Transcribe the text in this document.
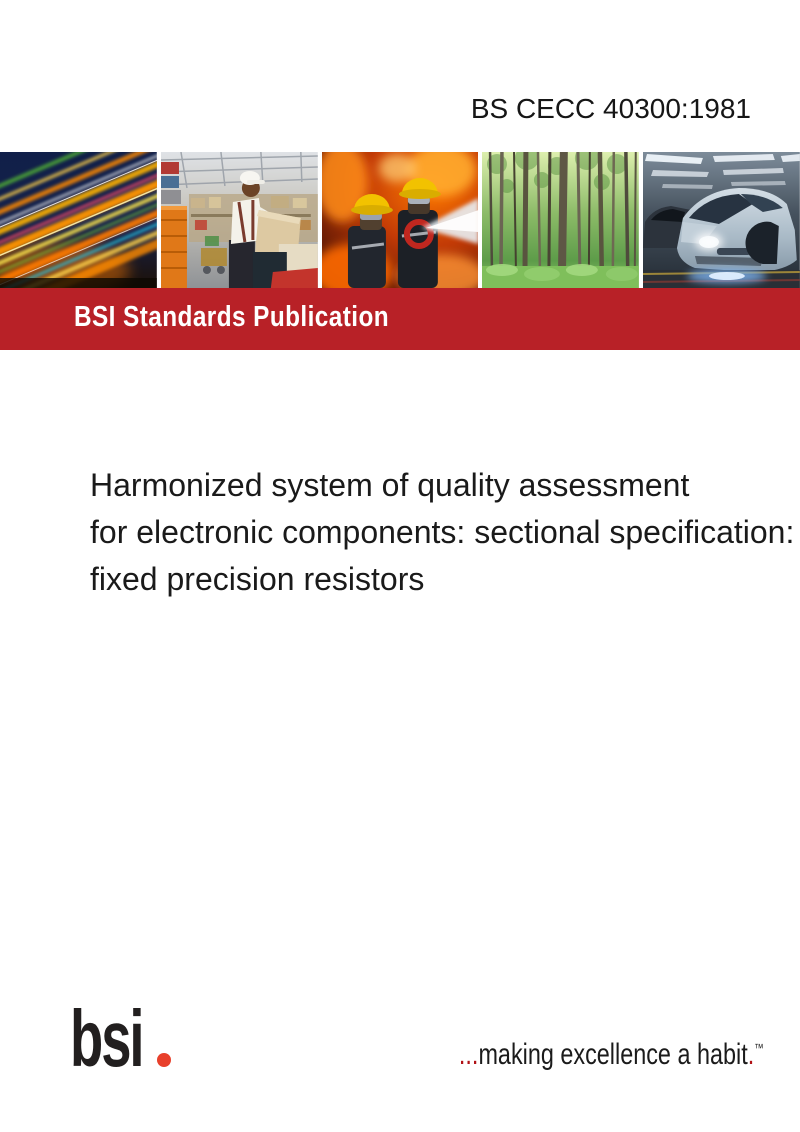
BS CECC 40300:1981
BSI Standards Publication
Harmonized system of quality assessment
for electronic components: sectional specification:
fixed precision resistors
bsi	...making excellence a habit.™
